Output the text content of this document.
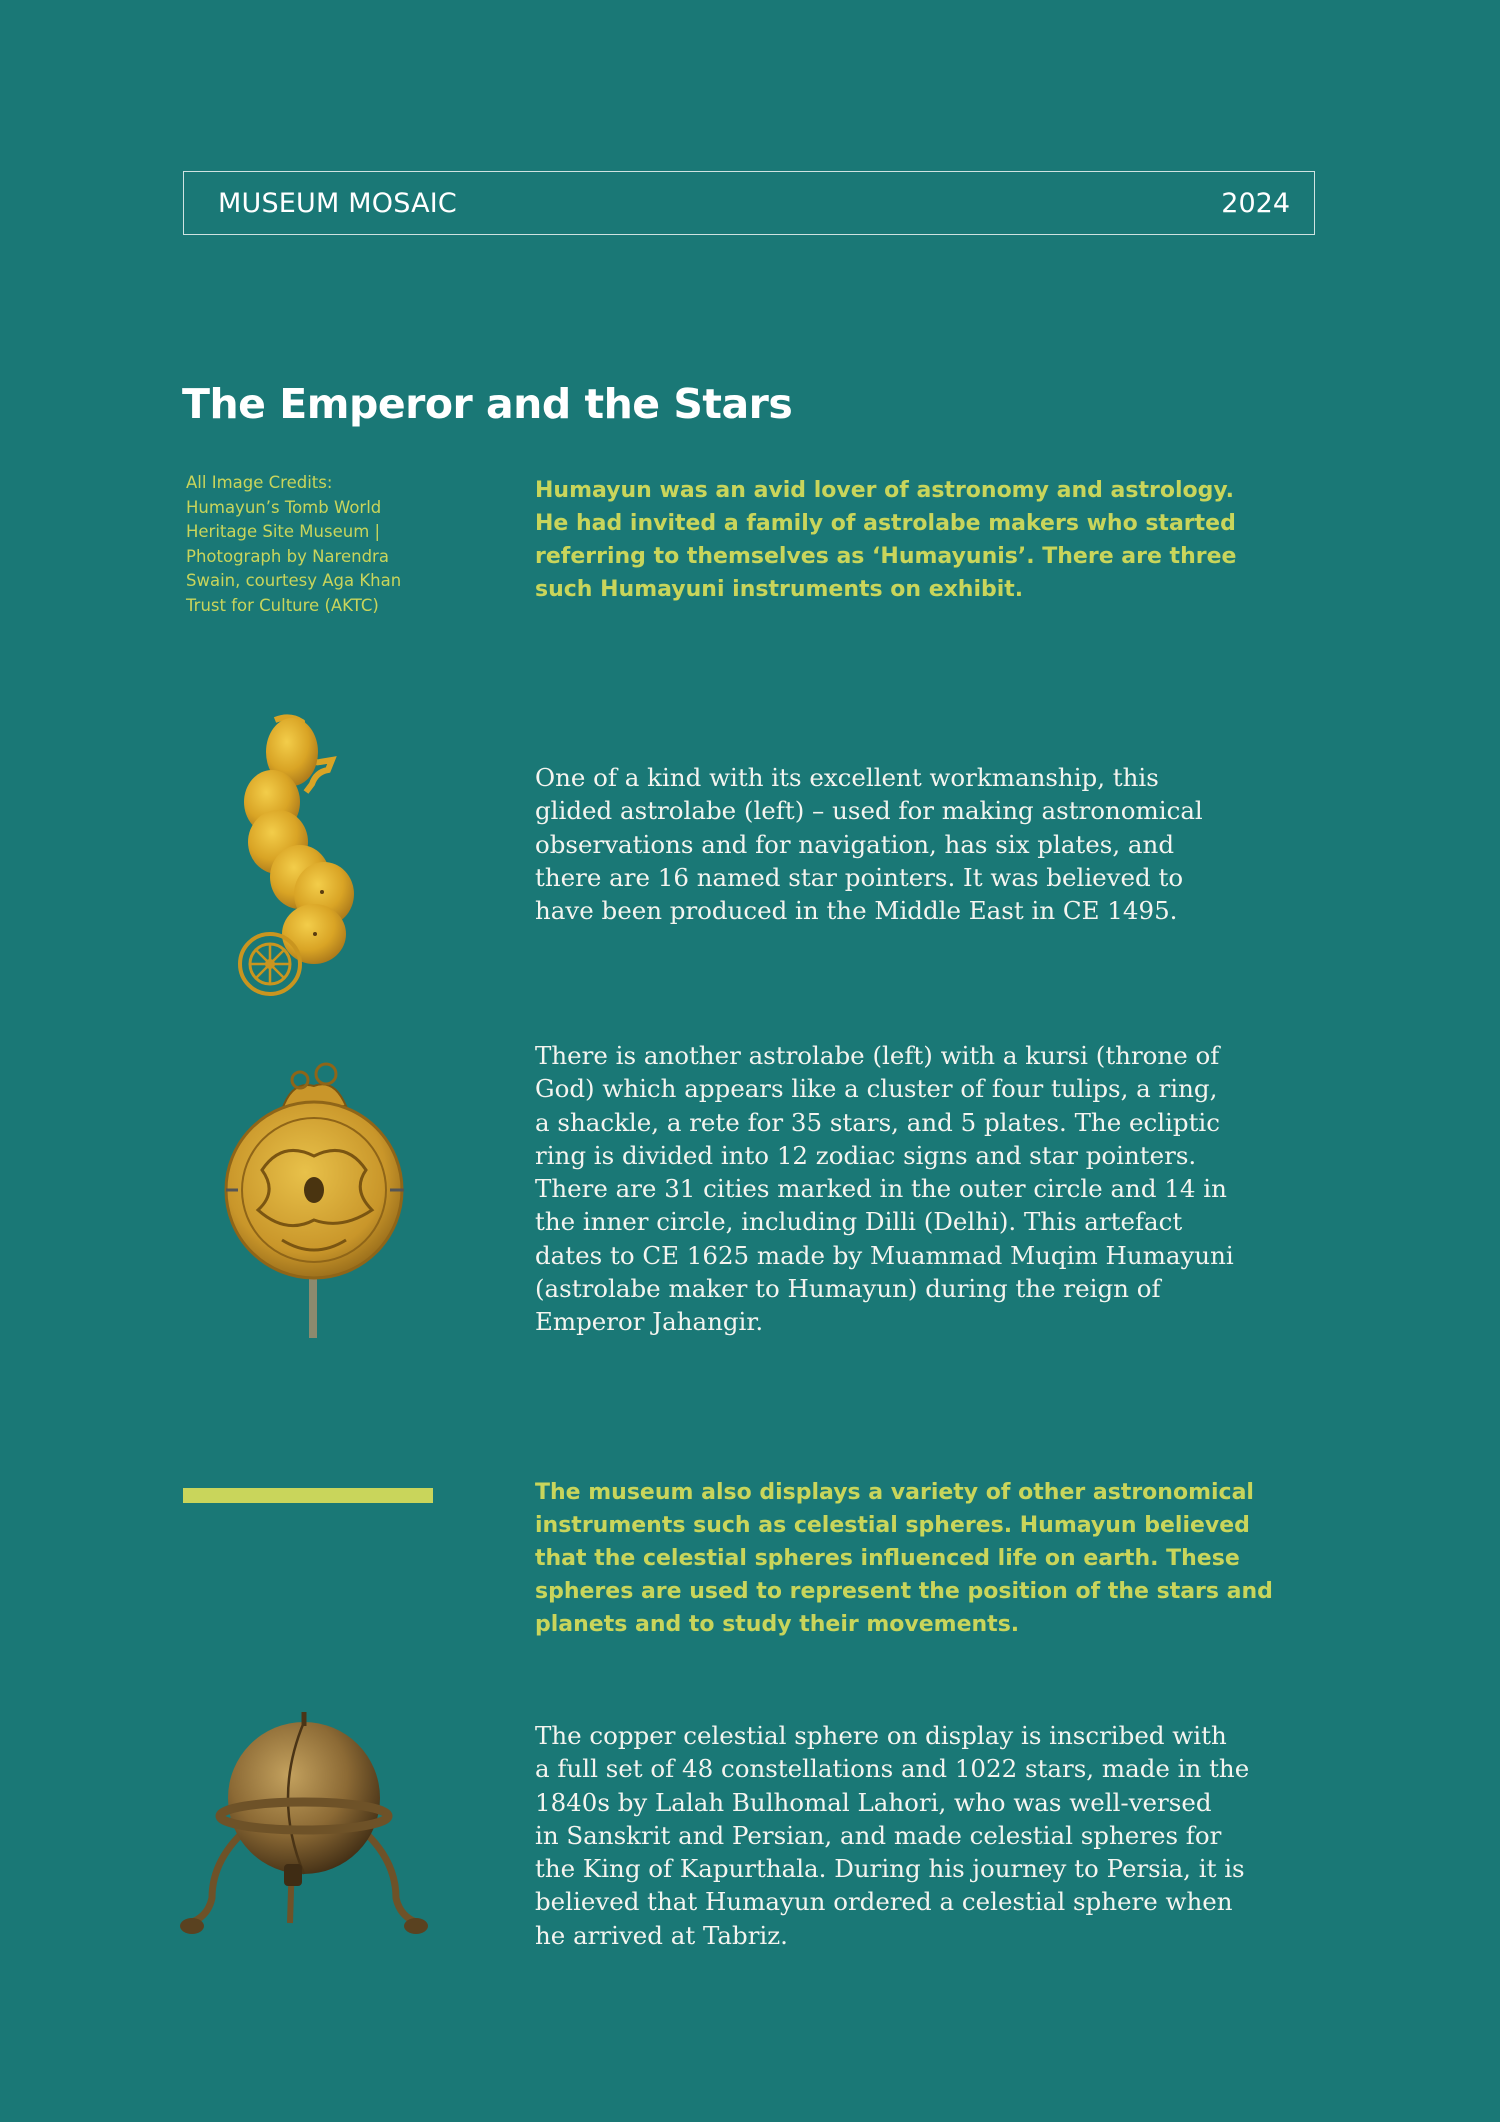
MUSEUM MOSAIC	2024
The Emperor and the Stars
All Image Credits:
Humayun’s Tomb World
Heritage Site Museum |
Photograph by Narendra
Swain, courtesy Aga Khan
Trust for Culture (AKTC)
Humayun was an avid lover of astronomy and astrology.
He had invited a family of astrolabe makers who started
referring to themselves as ‘Humayunis’. There are three
such Humayuni instruments on exhibit.
One of a kind with its excellent workmanship, this
glided astrolabe (left) – used for making astronomical
observations and for navigation, has six plates, and
there are 16 named star pointers. It was believed to
have been produced in the Middle East in CE 1495.
There is another astrolabe (left) with a kursi (throne of
God) which appears like a cluster of four tulips, a ring,
a shackle, a rete for 35 stars, and 5 plates. The ecliptic
ring is divided into 12 zodiac signs and star pointers.
There are 31 cities marked in the outer circle and 14 in
the inner circle, including Dilli (Delhi). This artefact
dates to CE 1625 made by Muammad Muqim Humayuni
(astrolabe maker to Humayun) during the reign of
Emperor Jahangir.
The museum also displays a variety of other astronomical
instruments such as celestial spheres. Humayun believed
that the celestial spheres influenced life on earth. These
spheres are used to represent the position of the stars and
planets and to study their movements.
The copper celestial sphere on display is inscribed with
a full set of 48 constellations and 1022 stars, made in the
1840s by Lalah Bulhomal Lahori, who was well-versed
in Sanskrit and Persian, and made celestial spheres for
the King of Kapurthala. During his journey to Persia, it is
believed that Humayun ordered a celestial sphere when
he arrived at Tabriz.
